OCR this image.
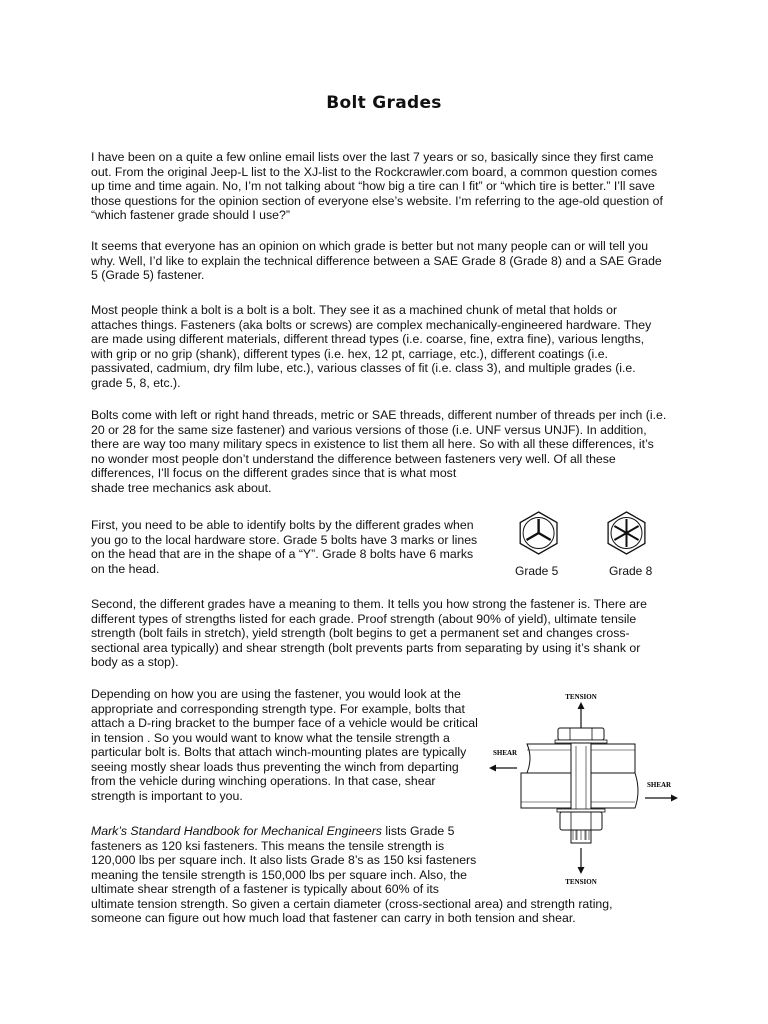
Bolt Grades

I have been on a quite a few online email lists over the last 7 years or so, basically since they first came
out. From the original Jeep-L list to the XJ-list to the Rockcrawler.com board, a common question comes
up time and time again. No, I’m not talking about “how big a tire can I fit” or “which tire is better.” I’ll save
those questions for the opinion section of everyone else’s website. I’m referring to the age-old question of
“which fastener grade should I use?”

It seems that everyone has an opinion on which grade is better but not many people can or will tell you
why. Well, I’d like to explain the technical difference between a SAE Grade 8 (Grade 8) and a SAE Grade
5 (Grade 5) fastener.

Most people think a bolt is a bolt is a bolt. They see it as a machined chunk of metal that holds or
attaches things. Fasteners (aka bolts or screws) are complex mechanically-engineered hardware. They
are made using different materials, different thread types (i.e. coarse, fine, extra fine), various lengths,
with grip or no grip (shank), different types (i.e. hex, 12 pt, carriage, etc.), different coatings (i.e.
passivated, cadmium, dry film lube, etc.), various classes of fit (i.e. class 3), and multiple grades (i.e.
grade 5, 8, etc.).

Bolts come with left or right hand threads, metric or SAE threads, different number of threads per inch (i.e.
20 or 28 for the same size fastener) and various versions of those (i.e. UNF versus UNJF). In addition,
there are way too many military specs in existence to list them all here. So with all these differences, it’s
no wonder most people don’t understand the difference between fasteners very well. Of all these
differences, I’ll focus on the different grades since that is what most
shade tree mechanics ask about.

First, you need to be able to identify bolts by the different grades when
you go to the local hardware store. Grade 5 bolts have 3 marks or lines
on the head that are in the shape of a “Y”. Grade 8 bolts have 6 marks
on the head.	Grade 5	Grade 8

Second, the different grades have a meaning to them. It tells you how strong the fastener is. There are
different types of strengths listed for each grade. Proof strength (about 90% of yield), ultimate tensile
strength (bolt fails in stretch), yield strength (bolt begins to get a permanent set and changes cross-
sectional area typically) and shear strength (bolt prevents parts from separating by using it’s shank or
body as a stop).

Depending on how you are using the fastener, you would look at the
appropriate and corresponding strength type. For example, bolts that
attach a D-ring bracket to the bumper face of a vehicle would be critical
in tension . So you would want to know what the tensile strength a
particular bolt is. Bolts that attach winch-mounting plates are typically
seeing mostly shear loads thus preventing the winch from departing
from the vehicle during winching operations. In that case, shear
strength is important to you.

TENSION
SHEAR
SHEAR
TENSION

Mark’s Standard Handbook for Mechanical Engineers lists Grade 5
fasteners as 120 ksi fasteners. This means the tensile strength is
120,000 lbs per square inch. It also lists Grade 8’s as 150 ksi fasteners
meaning the tensile strength is 150,000 lbs per square inch. Also, the
ultimate shear strength of a fastener is typically about 60% of its
ultimate tension strength. So given a certain diameter (cross-sectional area) and strength rating,
someone can figure out how much load that fastener can carry in both tension and shear.
